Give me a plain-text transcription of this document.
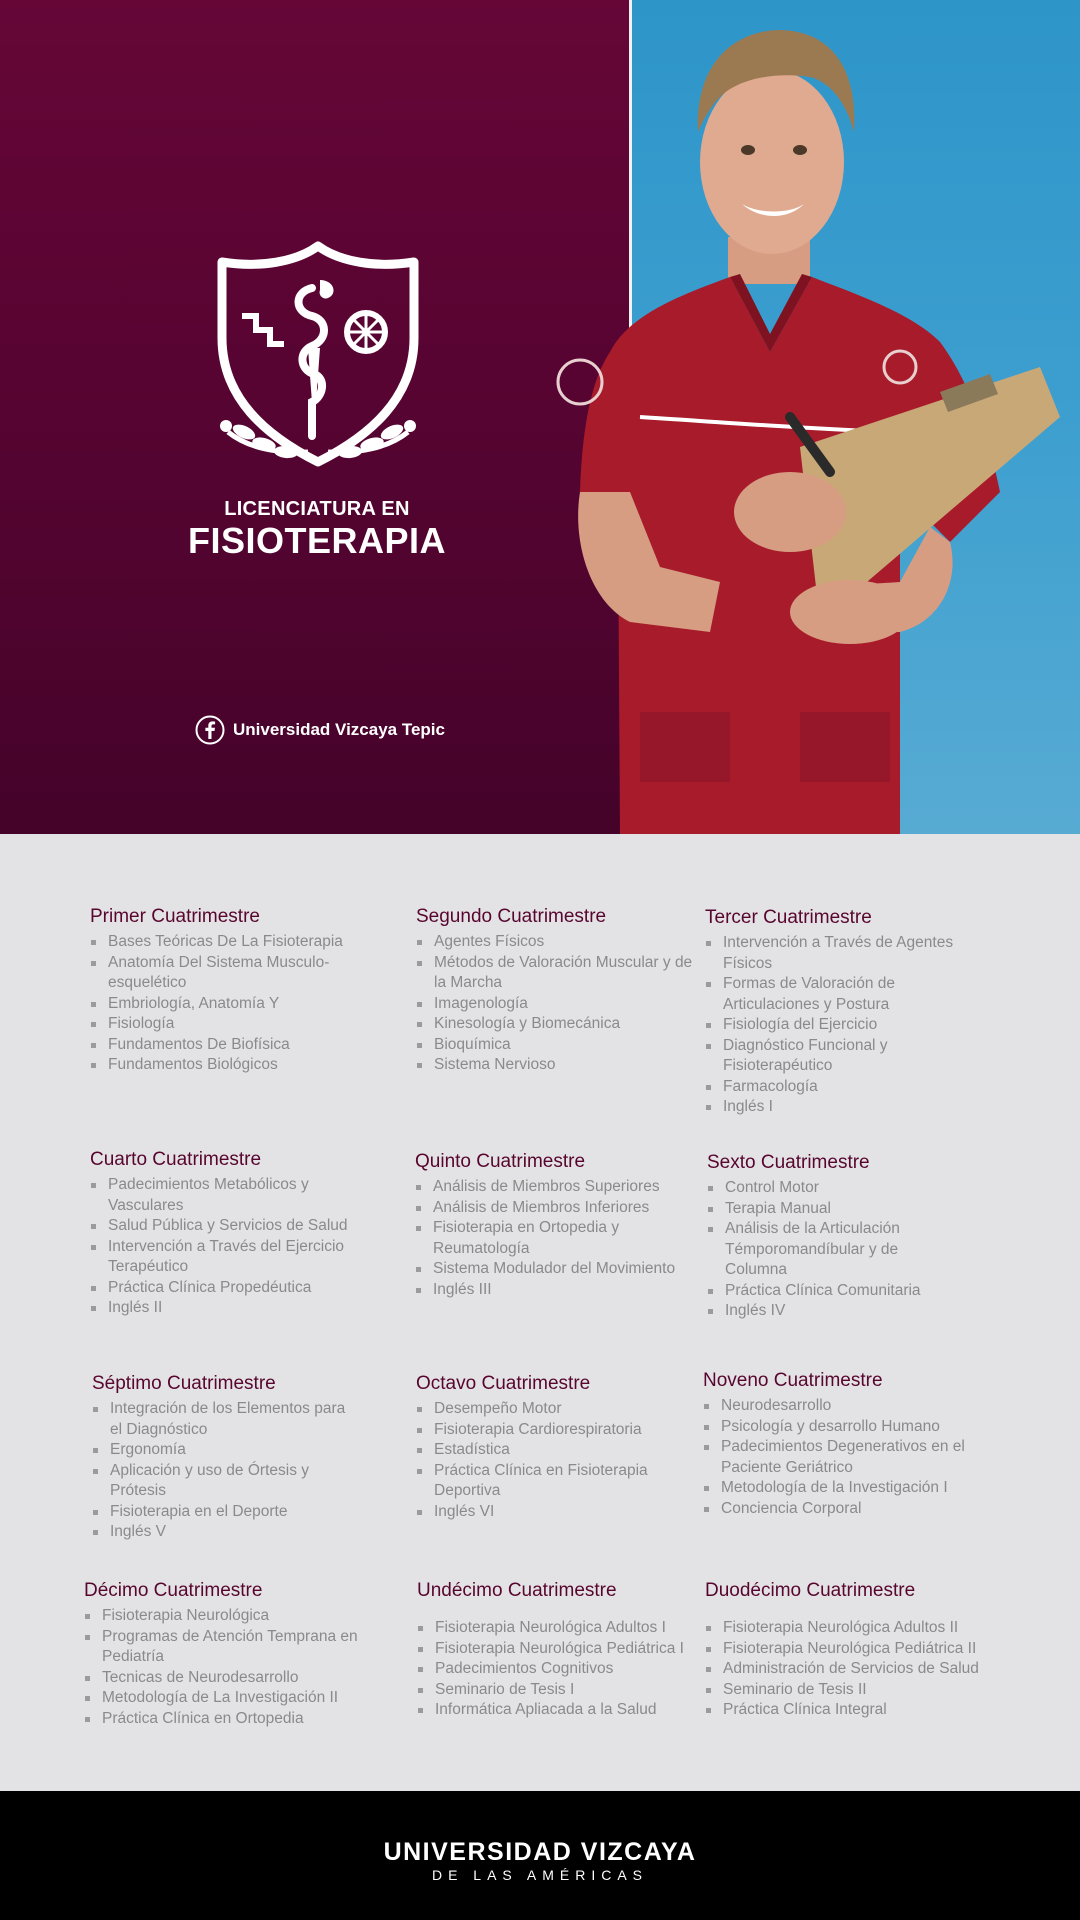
LICENCIATURA EN
FISIOTERAPIA
Universidad Vizcaya Tepic
Primer Cuatrimestre
Bases Teóricas De La Fisioterapia
Anatomía Del Sistema Musculo-esquelético
Embriología, Anatomía Y
Fisiología
Fundamentos De Biofísica
Fundamentos Biológicos
Segundo Cuatrimestre
Agentes Físicos
Métodos de Valoración Muscular y de la Marcha
Imagenología
Kinesología y Biomecánica
Bioquímica
Sistema Nervioso
Tercer Cuatrimestre
Intervención a Través de Agentes Físicos
Formas de Valoración de Articulaciones y Postura
Fisiología del Ejercicio
Diagnóstico Funcional y Fisioterapéutico
Farmacología
Inglés I
Cuarto Cuatrimestre
Padecimientos Metabólicos y Vasculares
Salud Pública y Servicios de Salud
Intervención a Través del Ejercicio Terapéutico
Práctica Clínica Propedéutica
Inglés II
Quinto Cuatrimestre
Análisis de Miembros Superiores
Análisis de Miembros Inferiores
Fisioterapia en Ortopedia y Reumatología
Sistema Modulador del Movimiento
Inglés III
Sexto Cuatrimestre
Control Motor
Terapia Manual
Análisis de la Articulación Témporomandíbular y de Columna
Práctica Clínica Comunitaria
Inglés IV
Séptimo Cuatrimestre
Integración de los Elementos para el Diagnóstico
Ergonomía
Aplicación y uso de Órtesis y Prótesis
Fisioterapia en el Deporte
Inglés V
Octavo Cuatrimestre
Desempeño Motor
Fisioterapia Cardiorespiratoria
Estadística
Práctica Clínica en Fisioterapia Deportiva
Inglés VI
Noveno Cuatrimestre
Neurodesarrollo
Psicología y desarrollo Humano
Padecimientos Degenerativos en el Paciente Geriátrico
Metodología de la Investigación I
Conciencia Corporal
Décimo Cuatrimestre
Fisioterapia Neurológica
Programas de Atención Temprana en Pediatría
Tecnicas de Neurodesarrollo
Metodología de La Investigación II
Práctica Clínica en Ortopedia
Undécimo Cuatrimestre
Fisioterapia Neurológica Adultos I
Fisioterapia Neurológica Pediátrica I
Padecimientos Cognitivos
Seminario de Tesis I
Informática Apliacada a la Salud
Duodécimo Cuatrimestre
Fisioterapia Neurológica Adultos II
Fisioterapia Neurológica Pediátrica II
Administración de Servicios de Salud
Seminario de Tesis II
Práctica Clínica Integral
UNIVERSIDAD VIZCAYA
DE LAS AMÉRICAS
